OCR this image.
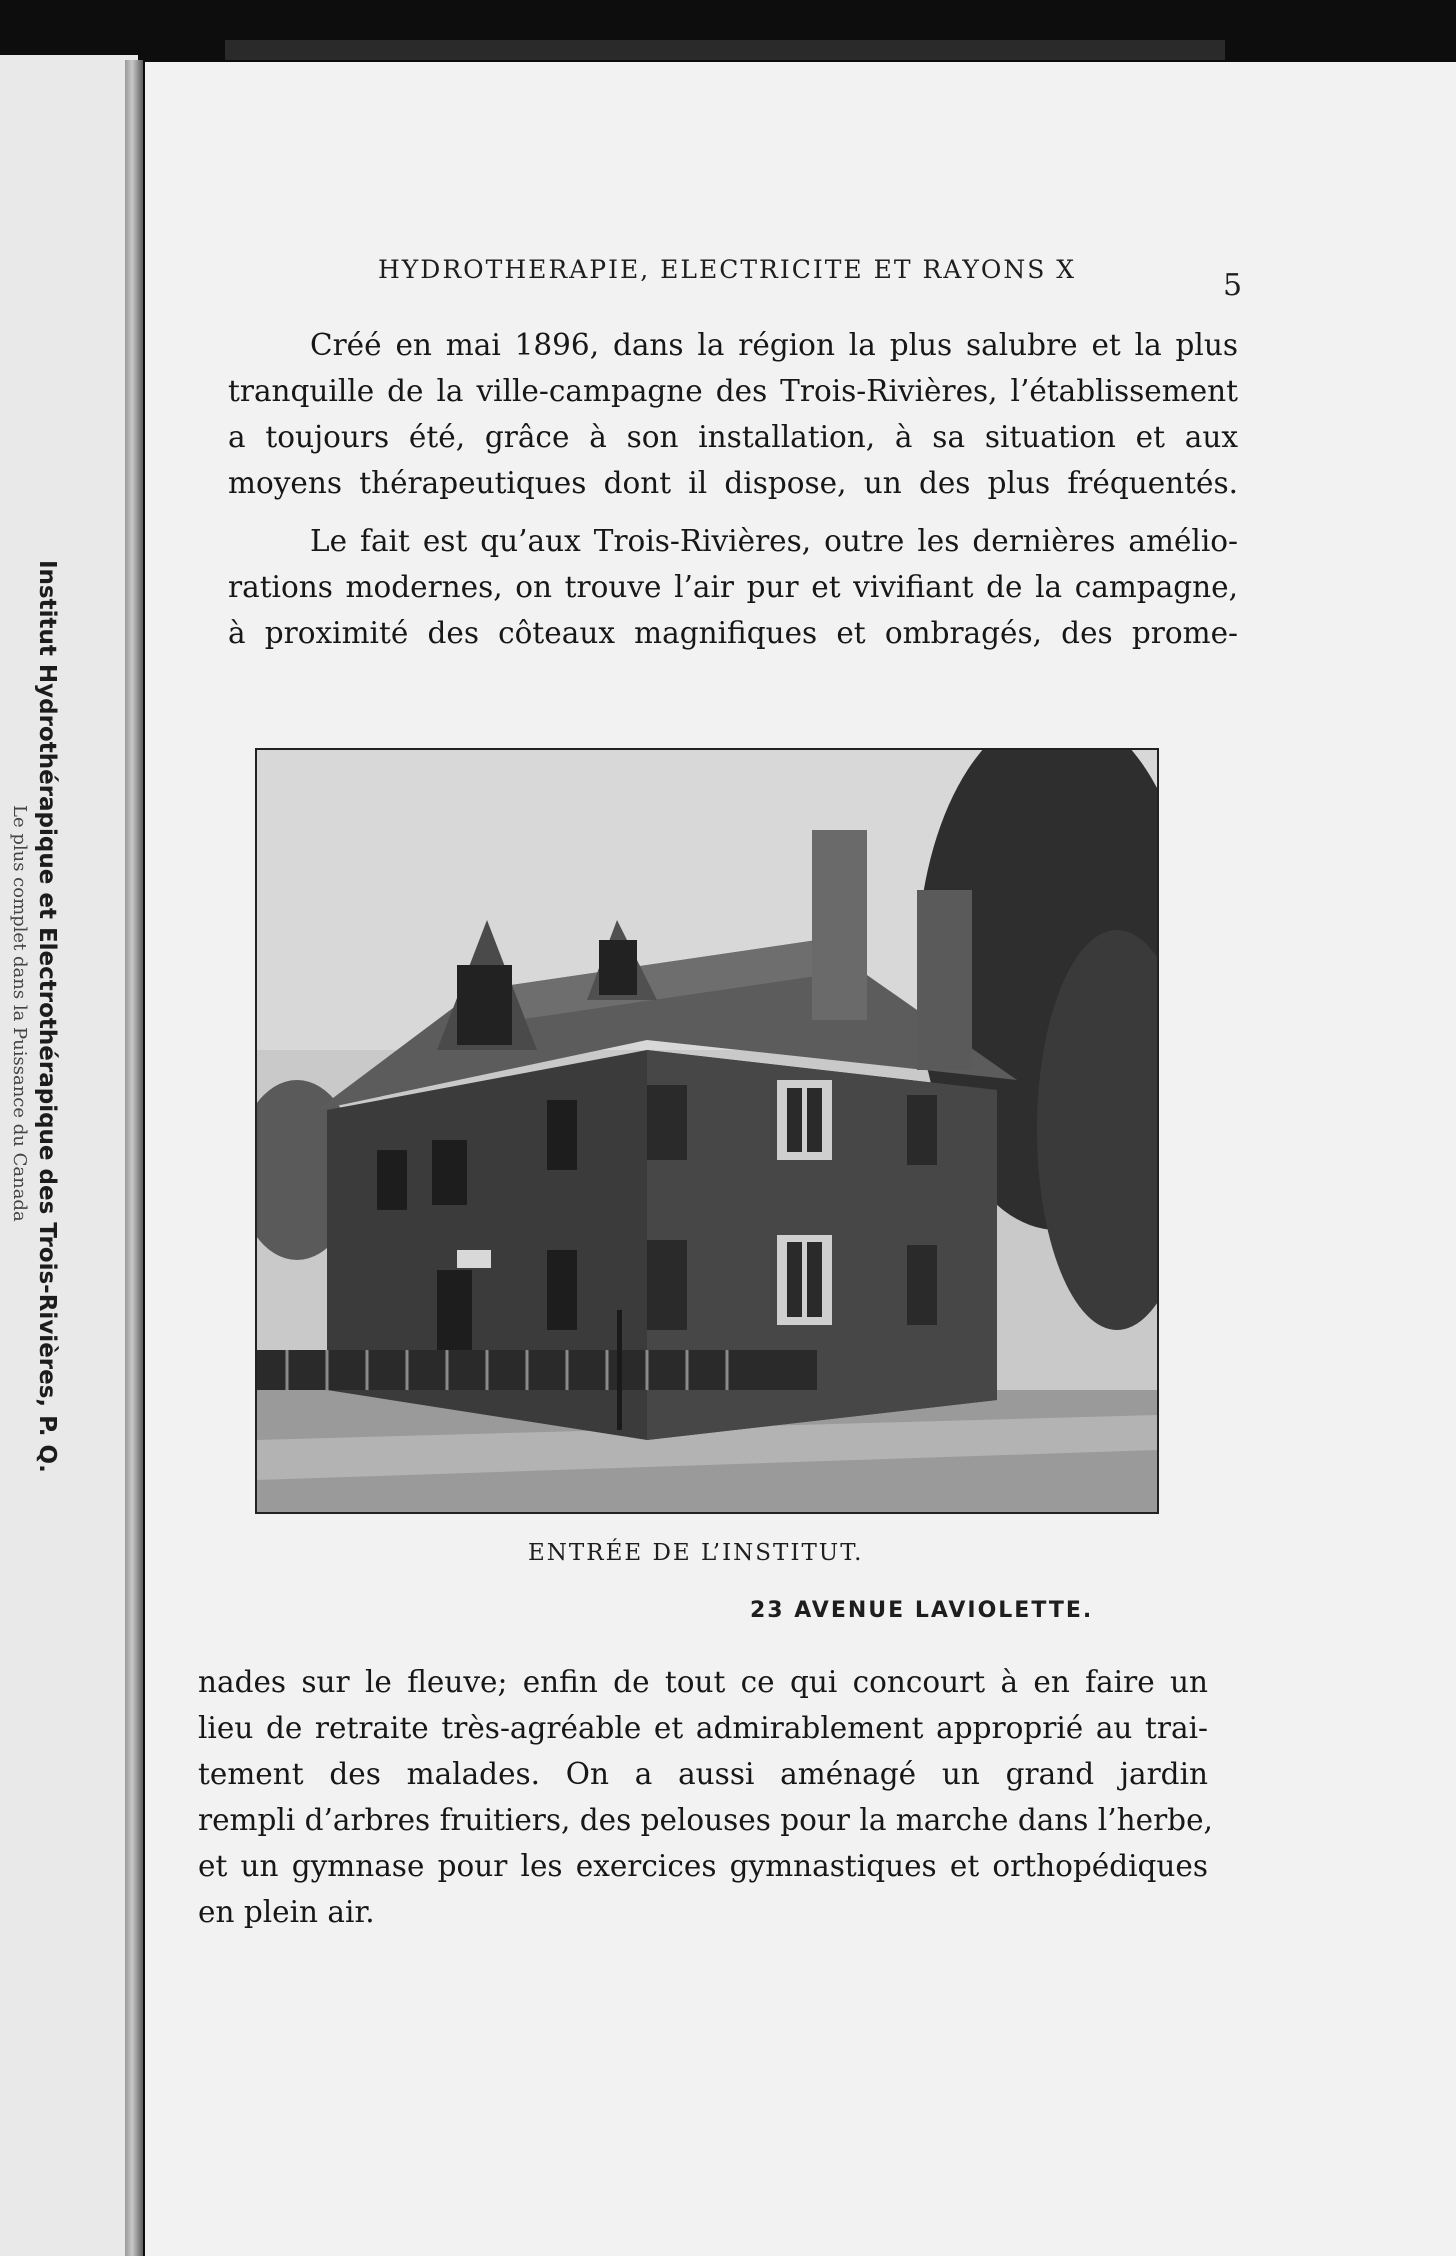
Institut Hydrothérapique et Electrothérapique des Trois-Rivières, P. Q.
Le plus complet dans la Puissance du Canada
HYDROTHERAPIE, ELECTRICITE ET RAYONS X	5
Créé en mai 1896, dans la région la plus salubre et la plus
tranquille de la ville-campagne des Trois-Rivières, l’établissement
a toujours été, grâce à son installation, à sa situation et aux
moyens thérapeutiques dont il dispose, un des plus fréquentés.
Le fait est qu’aux Trois-Rivières, outre les dernières amélio-
rations modernes, on trouve l’air pur et vivifiant de la campagne,
à proximité des côteaux magnifiques et ombragés, des prome-
ENTRÉE DE L’INSTITUT.
23 AVENUE LAVIOLETTE.
nades sur le fleuve; enfin de tout ce qui concourt à en faire un
lieu de retraite très-agréable et admirablement approprié au trai-
tement des malades. On a aussi aménagé un grand jardin
rempli d’arbres fruitiers, des pelouses pour la marche dans l’herbe,
et un gymnase pour les exercices gymnastiques et orthopédiques
en plein air.
